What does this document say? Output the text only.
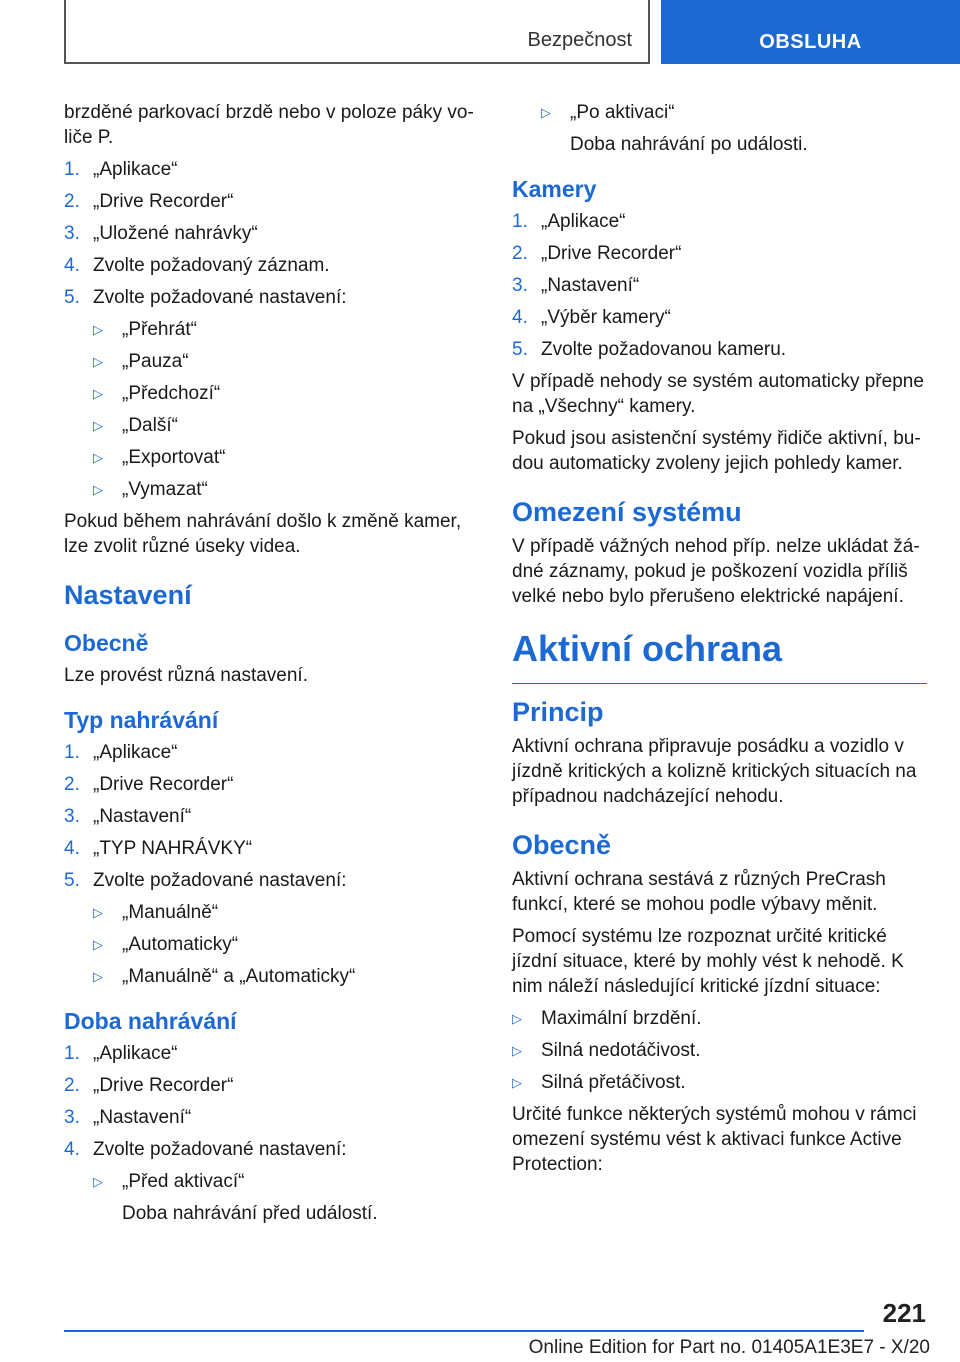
Bezpečnost	OBSLUHA

brzděné parkovací brzdě nebo v poloze páky vo-liče P.

1. „Aplikace“
2. „Drive Recorder“
3. „Uložené nahrávky“
4. Zvolte požadovaný záznam.
5. Zvolte požadované nastavení:
▷	„Přehrát“
▷	„Pauza“
▷	„Předchozí“
▷	„Další“
▷	„Exportovat“
▷	„Vymazat“

Pokud během nahrávání došlo k změně kamer, lze zvolit různé úseky videa.

Nastavení
Obecně

Lze provést různá nastavení.

Typ nahrávání
1. „Aplikace“
2. „Drive Recorder“
3. „Nastavení“
4. „TYP NAHRÁVKY“
5. Zvolte požadované nastavení:
▷	„Manuálně“
▷	„Automaticky“
▷	„Manuálně“ a „Automaticky“
Doba nahrávání
1. „Aplikace“
2. „Drive Recorder“
3. „Nastavení“
4. Zvolte požadované nastavení:
▷	„Před aktivací“
Doba nahrávání před událostí.
▷	„Po aktivaci“
Doba nahrávání po události.
Kamery
1. „Aplikace“
2. „Drive Recorder“
3. „Nastavení“
4. „Výběr kamery“
5. Zvolte požadovanou kameru.

V případě nehody se systém automaticky přepne na „Všechny“ kamery.

Pokud jsou asistenční systémy řidiče aktivní, bu-dou automaticky zvoleny jejich pohledy kamer.

Omezení systému

V případě vážných nehod příp. nelze ukládat žá-dné záznamy, pokud je poškození vozidla příliš velké nebo bylo přerušeno elektrické napájení.

Aktivní ochrana
Princip

Aktivní ochrana připravuje posádku a vozidlo v jízdně kritických a kolizně kritických situacích na případnou nadcházející nehodu.

Obecně

Aktivní ochrana sestává z různých PreCrash funkcí, které se mohou podle výbavy měnit.

Pomocí systému lze rozpoznat určité kritické jízdní situace, které by mohly vést k nehodě. K nim náleží následující kritické jízdní situace:

▷	Maximální brzdění.
▷	Silná nedotáčivost.
▷	Silná přetáčivost.

Určité funkce některých systémů mohou v rámci omezení systému vést k aktivaci funkce Active Protection:

221
Online Edition for Part no. 01405A1E3E7 - X/20
